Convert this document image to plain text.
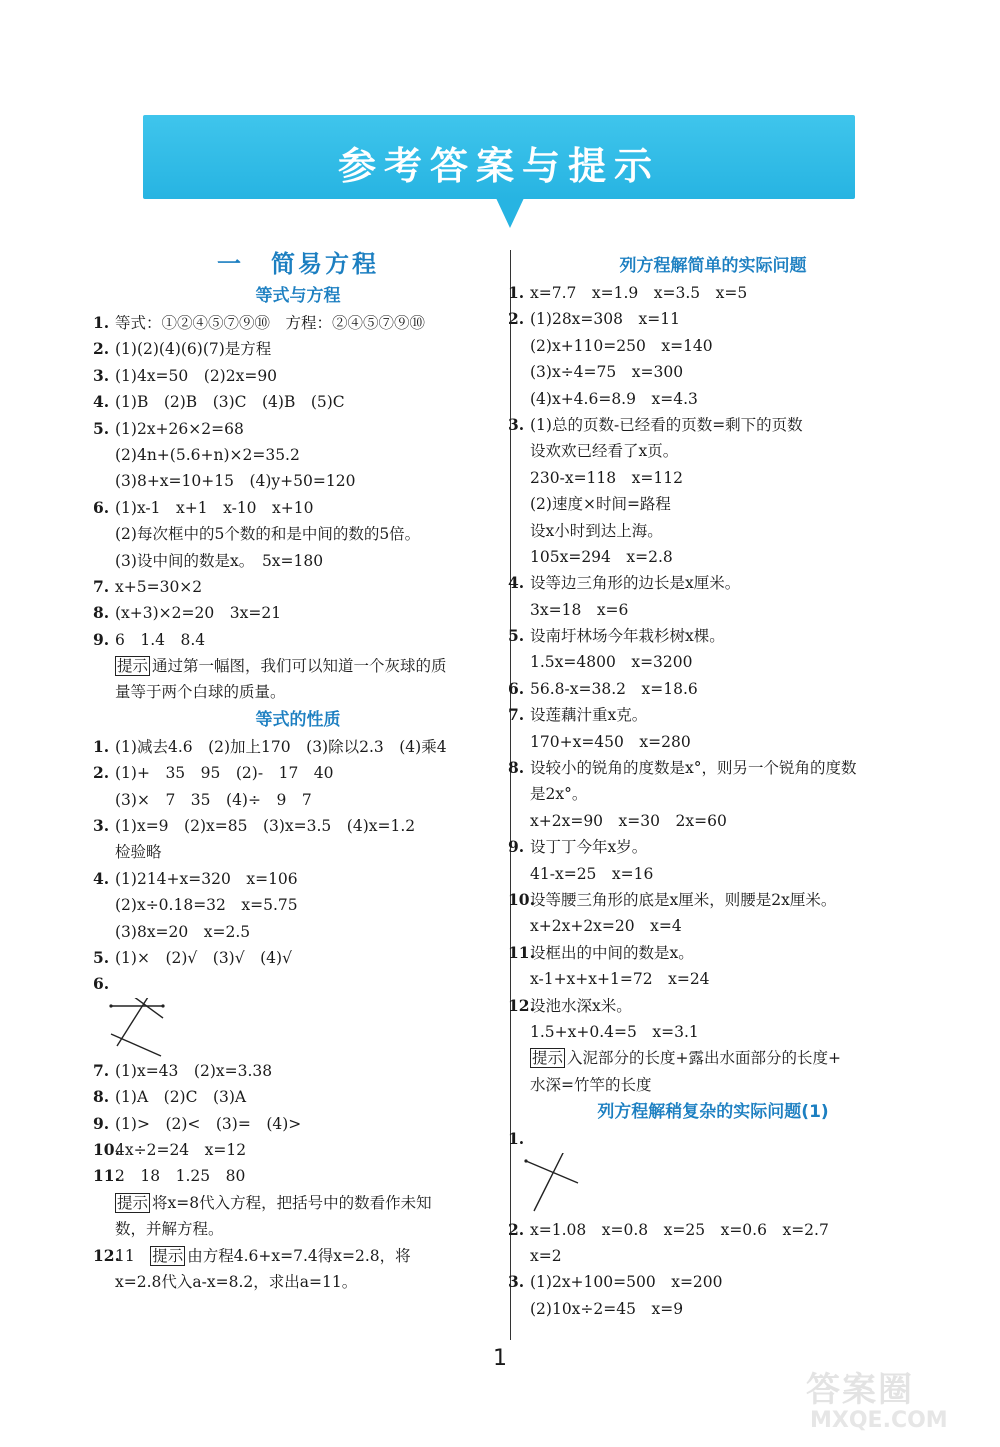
参考答案与提示
一　简易方程
等式与方程
1. 等式：①②④⑤⑦⑨⑩　方程：②④⑤⑦⑨⑩
2. (1)(2)(4)(6)(7)是方程
3. (1)4x=50　(2)2x=90
4. (1)B　(2)B　(3)C　(4)B　(5)C
5. (1)2x+26×2=68
(2)4n+(5.6+n)×2=35.2
(3)8+x=10+15　(4)y+50=120
6. (1)x-1　x+1　x-10　x+10
(2)每次框中的5个数的和是中间的数的5倍。
(3)设中间的数是x。　5x=180
7. x+5=30×2
8. (x+3)×2=20　3x=21
9. 6　1.4　8.4
提示 通过第一幅图，我们可以知道一个灰球的质
量等于两个白球的质量。
等式的性质
1. (1)减去4.6　(2)加上170　(3)除以2.3　(4)乘4
2. (1)+　35　95　(2)-　17　40
(3)×　7　35　(4)÷　9　7
3. (1)x=9　(2)x=85　(3)x=3.5　(4)x=1.2
检验略
4. (1)214+x=320　x=106
(2)x÷0.18=32　x=5.75
(3)8x=20　x=2.5
5. (1)×　(2)√　(3)√　(4)√
6.
7. (1)x=43　(2)x=3.38
8. (1)A　(2)C　(3)A
9. (1)>　(2)<　(3)=　(4)>
10.4x÷2=24　x=12
11.2　18　1.25　80
提示 将x=8代入方程，把括号中的数看作未知
数，并解方程。
12.11　提示 由方程4.6+x=7.4得x=2.8，将
x=2.8代入a-x=8.2，求出a=11。
列方程解简单的实际问题
1. x=7.7　x=1.9　x=3.5　x=5
2. (1)28x=308　x=11
(2)x+110=250　x=140
(3)x÷4=75　x=300
(4)x+4.6=8.9　x=4.3
3. (1)总的页数-已经看的页数=剩下的页数
设欢欢已经看了x页。
230-x=118　x=112
(2)速度×时间=路程
设x小时到达上海。
105x=294　x=2.8
4. 设等边三角形的边长是x厘米。
3x=18　x=6
5. 设南圩林场今年栽杉树x棵。
1.5x=4800　x=3200
6. 56.8-x=38.2　x=18.6
7. 设莲藕汁重x克。
170+x=450　x=280
8. 设较小的锐角的度数是x°，则另一个锐角的度数
是2x°。
x+2x=90　x=30　2x=60
9. 设丁丁今年x岁。
41-x=25　x=16
10.设等腰三角形的底是x厘米，则腰是2x厘米。
x+2x+2x=20　x=4
11.设框出的中间的数是x。
x-1+x+x+1=72　x=24
12.设池水深x米。
1.5+x+0.4=5　x=3.1
提示 入泥部分的长度+露出水面部分的长度+
水深=竹竿的长度
列方程解稍复杂的实际问题(1)
1.
2. x=1.08　x=0.8　x=25　x=0.6　x=2.7
x=2
3. (1)2x+100=500　x=200
(2)10x÷2=45　x=9
1
答案圈
MXQE.COM
